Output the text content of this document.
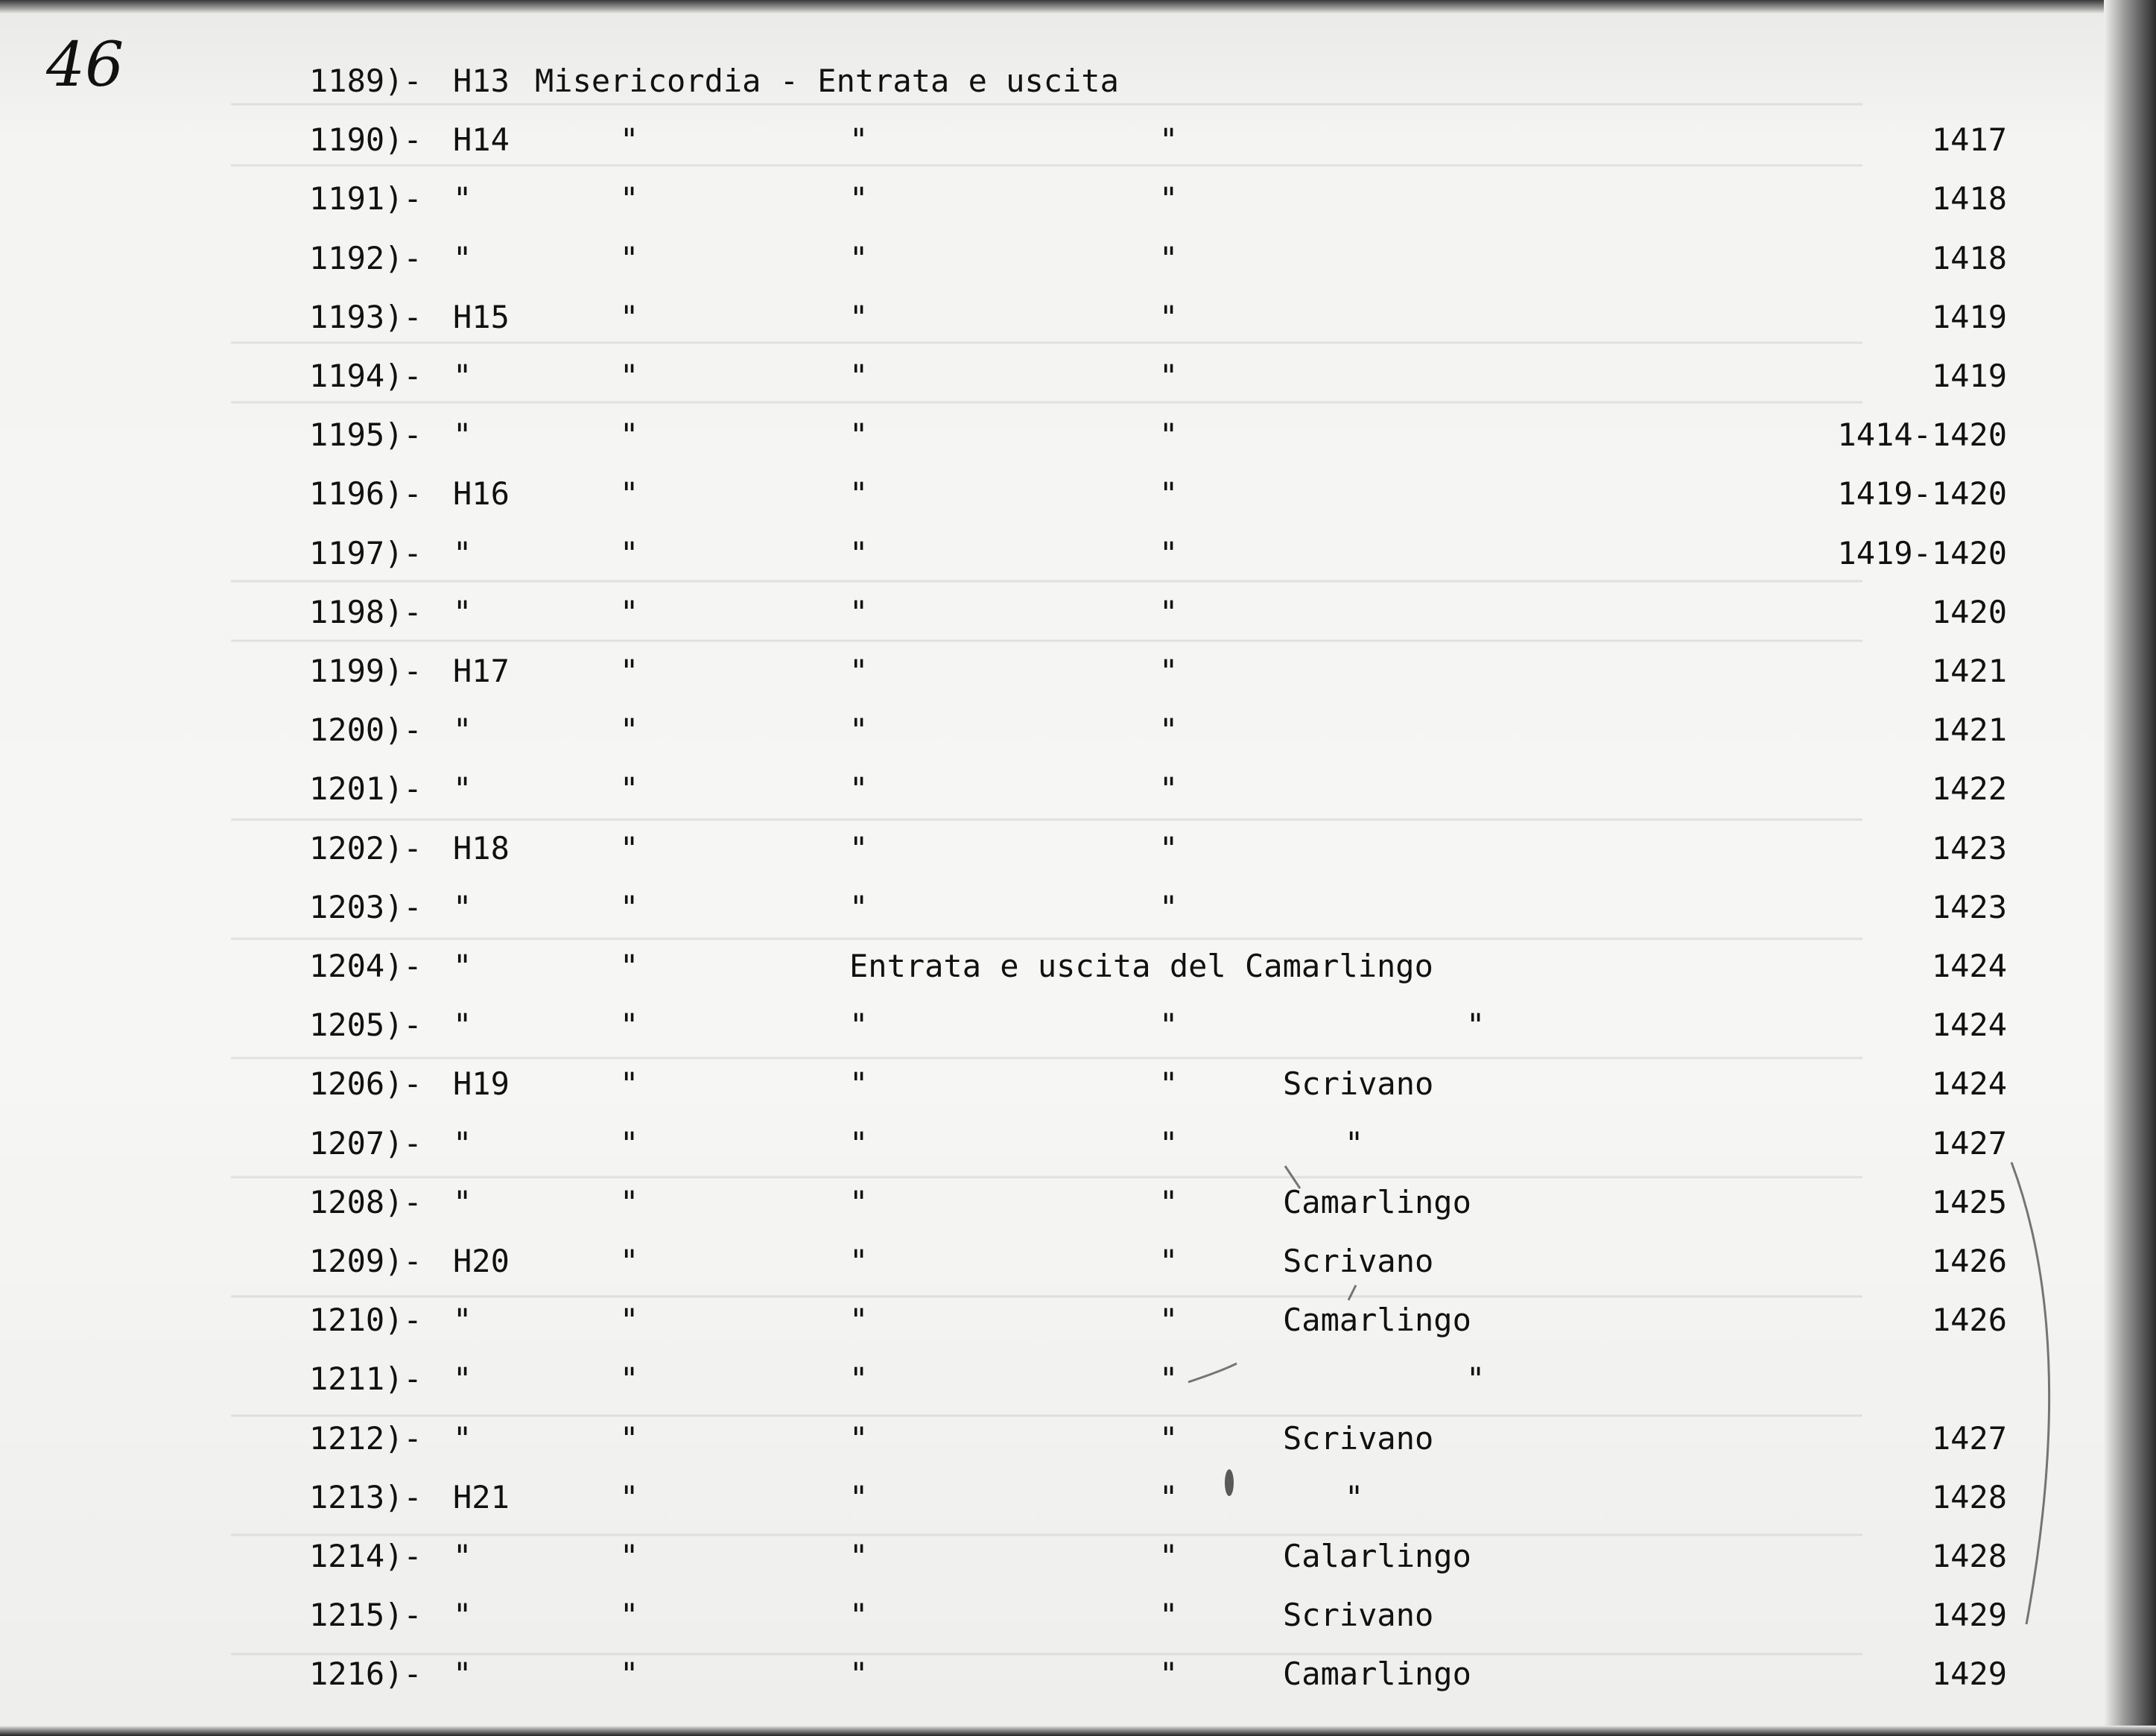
46	1189)- H13 Misericordia - Entrata e uscita
1190)- H14	"	"	"	1417
1191)- "	"	"	"	1418
1192)- "	"	"	"	1418
1193)- H15	"	"	"	1419
1194)- "	"	"	"	1419
1195)- "	"	"	"	1414-1420
1196)- H16	"	"	"	1419-1420
1197)- "	"	"	"	1419-1420
1198)- "	"	"	"	1420
1199)- H17	"	"	"	1421
1200)- "	"	"	"	1421
1201)- "	"	"	"	1422
1202)- H18	"	"	"	1423
1203)- "	"	"	"	1423
1204)- "	"	Entrata e uscita del Camarlingo	1424
1205)- "	"	"	"	"	1424
1206)- H19	"	"	"	Scrivano	1424
1207)- "	"	"	"	"	1427
1208)- "	"	"	"	Camarlingo	1425
1209)- H20	"	"	"	Scrivano	1426
1210)- "	"	"	"	Camarlingo	1426
1211)- "	"	"	"	"
1212)- "	"	"	"	Scrivano	1427
1213)- H21	"	"	"	"	1428
1214)- "	"	"	"	Calarlingo	1428
1215)- "	"	"	"	Scrivano	1429
1216)- "	"	"	"	Camarlingo	1429
